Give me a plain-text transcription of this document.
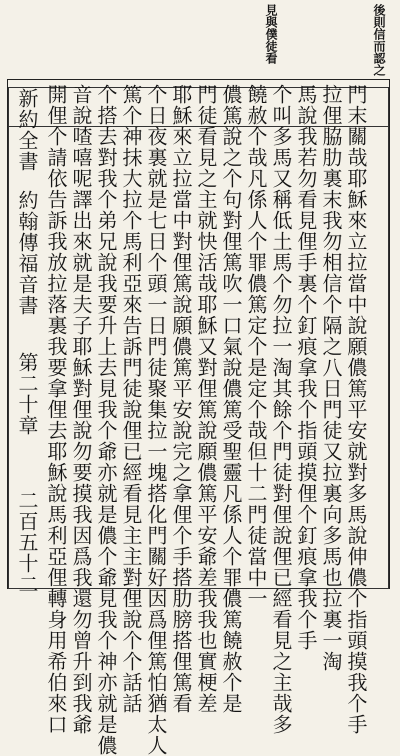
見與僕徒看	後則信而認之
新約全書
約翰傳福音書
第二十章
二百五十二 開俚个請依告訴我放拉落裏我要拿俚去耶穌說馬利亞俚轉身用希伯來口 音說喳嘻呢譯出來就是夫子耶穌對俚說勿要摸我因爲我還勿曾升到我爺 个搭去對我个弟兄說我要升上去見我个爺亦就是儂个爺見我个神亦就是儂 篤个神抹大拉个馬利亞來告訴門徒說俚已經看見主主對俚說个个話話 个日夜裏就是七日个頭一日門徒聚集拉一塊搭化門關好因爲俚篤怕猶太人 耶穌來立拉當中對俚篤說願儂篤平安說完之拿俚个手搭肋膀搭俚篤看 門徒看見之主就快活哉耶穌又對俚篤說願儂篤平安爺差我我也實梗差 儂篤說之个句對俚篤吹一口氣說儂篤受聖靈凡係人个罪儂篤饒赦个是 饒赦个哉凡係人个罪儂篤定个是定个哉但十二門徒當中一 个叫多馬又稱低土馬个勿拉一淘其餘个門徒對俚說俚已經看見之主哉多 馬說我若勿看見俚手裏个釘痕拿我个指頭摸俚个釘痕拿我个手 拉俚脇肋裏末我勿相信个隔之八日門徒又拉裏向多馬也拉裏一淘 門末關哉耶穌來立拉當中說願儂篤平安就對多馬說伸儂个指頭摸我个手
